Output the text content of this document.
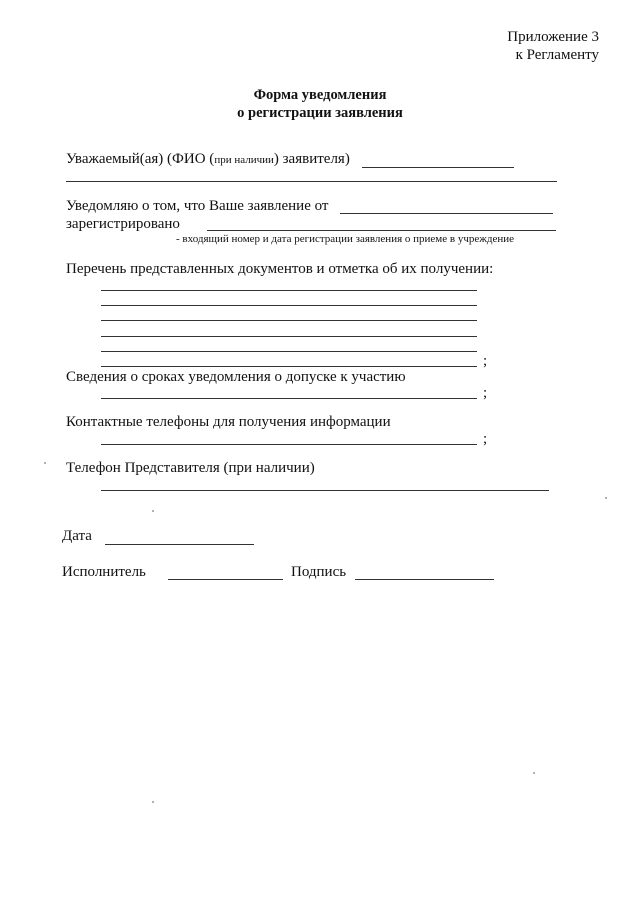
Приложение 3
к Регламенту
Форма уведомления
о регистрации заявления
Уважаемый(ая) (ФИО (при наличии) заявителя)
Уведомляю о том, что Ваше заявление от
зарегистрировано
- входящий номер и дата регистрации заявления о приеме в учреждение
Перечень представленных документов и отметка об их получении:
;
Сведения о сроках уведомления о допуске к участию
;
Контактные телефоны для получения информации
;
Телефон Представителя (при наличии)
Дата
Исполнитель	Подпись
